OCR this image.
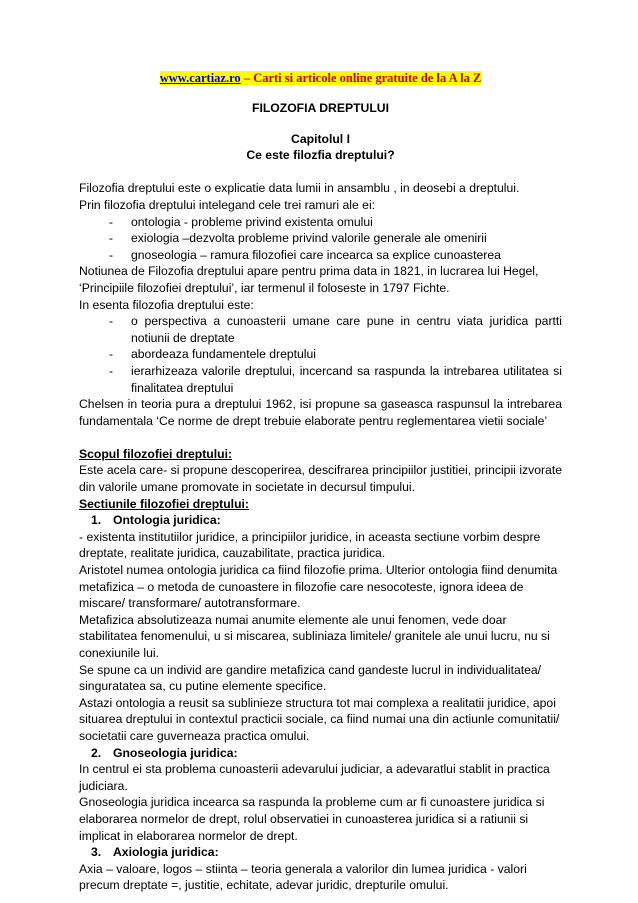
www.cartiaz.ro – Carti si articole online gratuite de la A la Z

FILOZOFIA DREPTULUI

Capitolul I

Ce este filozfia dreptului?

Filozofia dreptului este o explicatie data lumii in ansamblu , in deosebi a dreptului.

Prin filozofia dreptului intelegand cele trei ramuri ale ei:

- ontologia - probleme privind existenta omului
- exiologia –dezvolta probleme privind valorile generale ale omenirii
- gnoseologia – ramura filozofiei care incearca sa explice cunoasterea

Notiunea de Filozofia dreptului apare pentru prima data in 1821, in lucrarea lui Hegel, ‘Principiile filozofiei dreptului’, iar termenul il foloseste in 1797 Fichte.

In esenta filozofia dreptului este:

- o perspectiva a cunoasterii umane care pune in centru viata juridica partti notiunii de dreptate
- abordeaza fundamentele dreptului
- ierarhizeaza valorile dreptului, incercand sa raspunda la intrebarea utilitatea si finalitatea dreptului

Chelsen in teoria pura a dreptului 1962, isi propune sa gaseasca raspunsul la intrebarea fundamentala ‘Ce norme de drept trebuie elaborate pentru reglementarea vietii sociale’

Scopul filozofiei dreptului:

Este acela care- si propune descoperirea, descifrarea principiilor justitiei, principii izvorate din valorile umane promovate in societate in decursul timpului.

Sectiunile filozofiei dreptului:

1. Ontologia juridica:

- existenta institutiilor juridice, a principiilor juridice, in aceasta sectiune vorbim despre dreptate, realitate juridica, cauzabilitate, practica juridica.

Aristotel numea ontologia juridica ca fiind filozofie prima. Ulterior ontologia fiind denumita metafizica – o metoda de cunoastere in filozofie care nesocoteste, ignora ideea de miscare/ transformare/ autotransformare.

Metafizica absolutizeaza numai anumite elemente ale unui fenomen, vede doar stabilitatea fenomenului, u si miscarea, subliniaza limitele/ granitele ale unui lucru, nu si conexiunile lui.

Se spune ca un individ are gandire metafizica cand gandeste lucrul in individualitatea/ singuratatea sa, cu putine elemente specifice.

Astazi ontologia a reusit sa sublinieze structura tot mai complexa a realitatii juridice, apoi situarea dreptului in contextul practicii sociale, ca fiind numai una din actiunle comunitatii/ societatii care guverneaza practica omului.

2. Gnoseologia juridica:

In centrul ei sta problema cunoasterii adevarului judiciar, a adevaratlui stablit in practica judiciara.

Gnoseologia juridica incearca sa raspunda la probleme cum ar fi cunoastere juridica si elaborarea normelor de drept, rolul observatiei in cunoasterea juridica si a ratiunii si implicat in elaborarea normelor de drept.

3. Axiologia juridica:

Axia – valoare, logos – stiinta – teoria generala a valorilor din lumea juridica - valori precum dreptate =, justitie, echitate, adevar juridic, drepturile omului.
